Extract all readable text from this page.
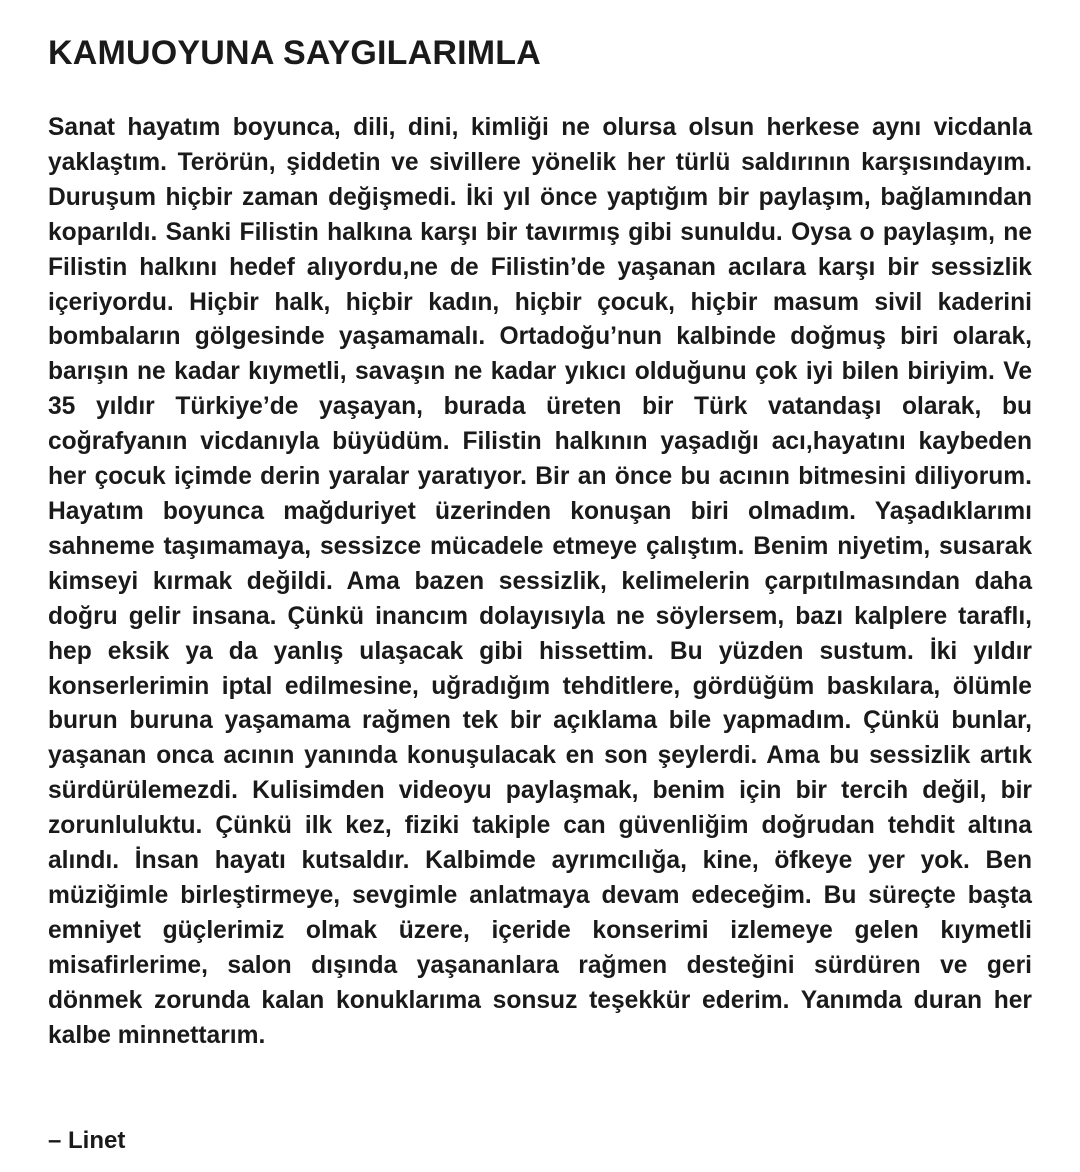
KAMUOYUNA SAYGILARIMLA

Sanat hayatım boyunca, dili, dini, kimliği ne olursa olsun herkese aynı vicdanla yaklaştım. Terörün, şiddetin ve sivillere yönelik her türlü saldırının karşısındayım. Duruşum hiçbir zaman değişmedi. İki yıl önce yaptığım bir paylaşım, bağlamından koparıldı. Sanki Filistin halkına karşı bir tavırmış gibi sunuldu. Oysa o paylaşım, ne Filistin halkını hedef alıyordu,ne de Filistin’de yaşanan acılara karşı bir sessizlik içeriyordu. Hiçbir halk, hiçbir kadın, hiçbir çocuk, hiçbir masum sivil kaderini bombaların gölgesinde yaşamamalı. Ortadoğu’nun kalbinde doğmuş biri olarak, barışın ne kadar kıymetli, savaşın ne kadar yıkıcı olduğunu çok iyi bilen biriyim. Ve 35 yıldır Türkiye’de yaşayan, burada üreten bir Türk vatandaşı olarak, bu coğrafyanın vicdanıyla büyüdüm. Filistin halkının yaşadığı acı,hayatını kaybeden her çocuk içimde derin yaralar yaratıyor. Bir an önce bu acının bitmesini diliyorum. Hayatım boyunca mağduriyet üzerinden konuşan biri olmadım. Yaşadıklarımı sahneme taşımamaya, sessizce mücadele etmeye çalıştım. Benim niyetim, susarak kimseyi kırmak değildi. Ama bazen sessizlik, kelimelerin çarpıtılmasından daha doğru gelir insana. Çünkü inancım dolayısıyla ne söylersem, bazı kalplere taraflı, hep eksik ya da yanlış ulaşacak gibi hissettim. Bu yüzden sustum. İki yıldır konserlerimin iptal edilmesine, uğradığım tehditlere, gördüğüm baskılara, ölümle burun buruna yaşamama rağmen tek bir açıklama bile yapmadım. Çünkü bunlar, yaşanan onca acının yanında konuşulacak en son şeylerdi. Ama bu sessizlik artık sürdürülemezdi. Kulisimden videoyu paylaşmak, benim için bir tercih değil, bir zorunluluktu. Çünkü ilk kez, fiziki takiple can güvenliğim doğrudan tehdit altına alındı. İnsan hayatı kutsaldır. Kalbimde ayrımcılığa, kine, öfkeye yer yok. Ben müziğimle birleştirmeye, sevgimle anlatmaya devam edeceğim. Bu süreçte başta emniyet güçlerimiz olmak üzere, içeride konserimi izlemeye gelen kıymetli misafirlerime, salon dışında yaşananlara rağmen desteğini sürdüren ve geri dönmek zorunda kalan konuklarıma sonsuz teşekkür ederim. Yanımda duran her kalbe minnettarım.

– Linet
